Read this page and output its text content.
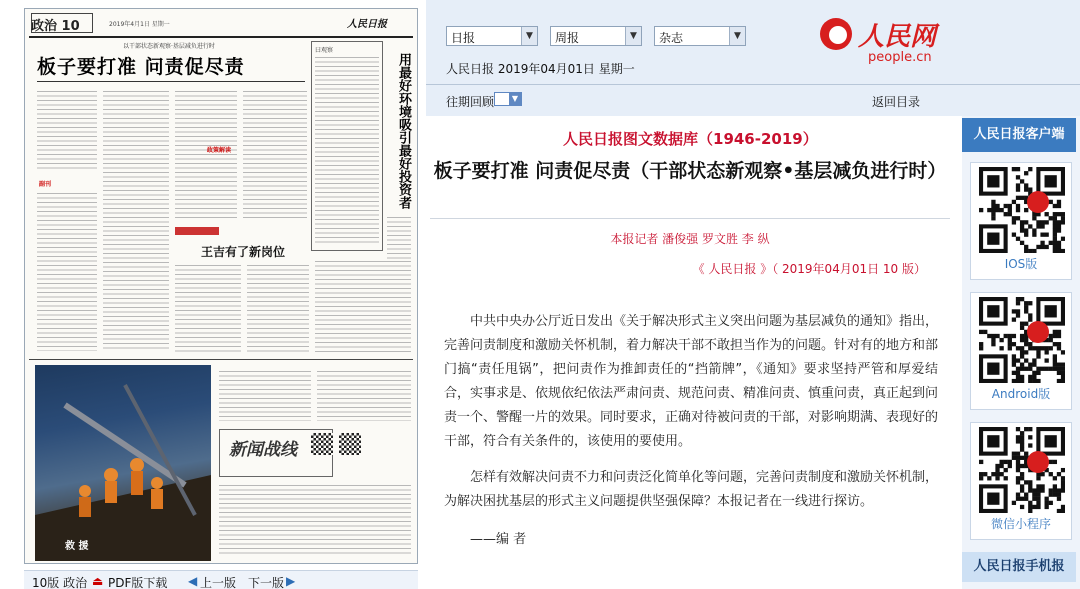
政治 10	2019年4月1日 星期一	人民日报
以干部状态新观察·基层减负进行时
板子要打准 问责促尽责
副刊
政策解读
曰观察
用最好环境吸引最好投资者
王吉有了新岗位
救 援
新闻战线
10版 政治 ⏏ PDF版下载 ◀ 上一版 下一版 ▶
日报	▼	周报	▼	杂志	▼
人民日报 2019年04月01日 星期一
人民网
people.cn
往期回顾	▼	返回目录
人民日报图文数据库（1946-2019）
板子要打准 问责促尽责（干部状态新观察•基层减负进行时）
本报记者 潘俊强 罗文胜 李 纵
《 人民日报 》（ 2019年04月01日 10 版）
中共中央办公厅近日发出《关于解决形式主义突出问题为基层减负的通知》指出，完善问责制度和激励关怀机制，着力解决干部不敢担当作为的问题。针对有的地方和部门搞“责任甩锅”，把问责作为推卸责任的“挡箭牌”，《通知》要求坚持严管和厚爱结合，实事求是、依规依纪依法严肃问责、规范问责、精准问责、慎重问责，真正起到问责一个、警醒一片的效果。同时要求，正确对待被问责的干部，对影响期满、表现好的干部，符合有关条件的，该使用的要使用。
怎样有效解决问责不力和问责泛化简单化等问题，完善问责制度和激励关怀机制，为解决困扰基层的形式主义问题提供坚强保障？本报记者在一线进行探访。
——编 者
人民日报客户端
IOS版
Android版
微信小程序
人民日报手机报
